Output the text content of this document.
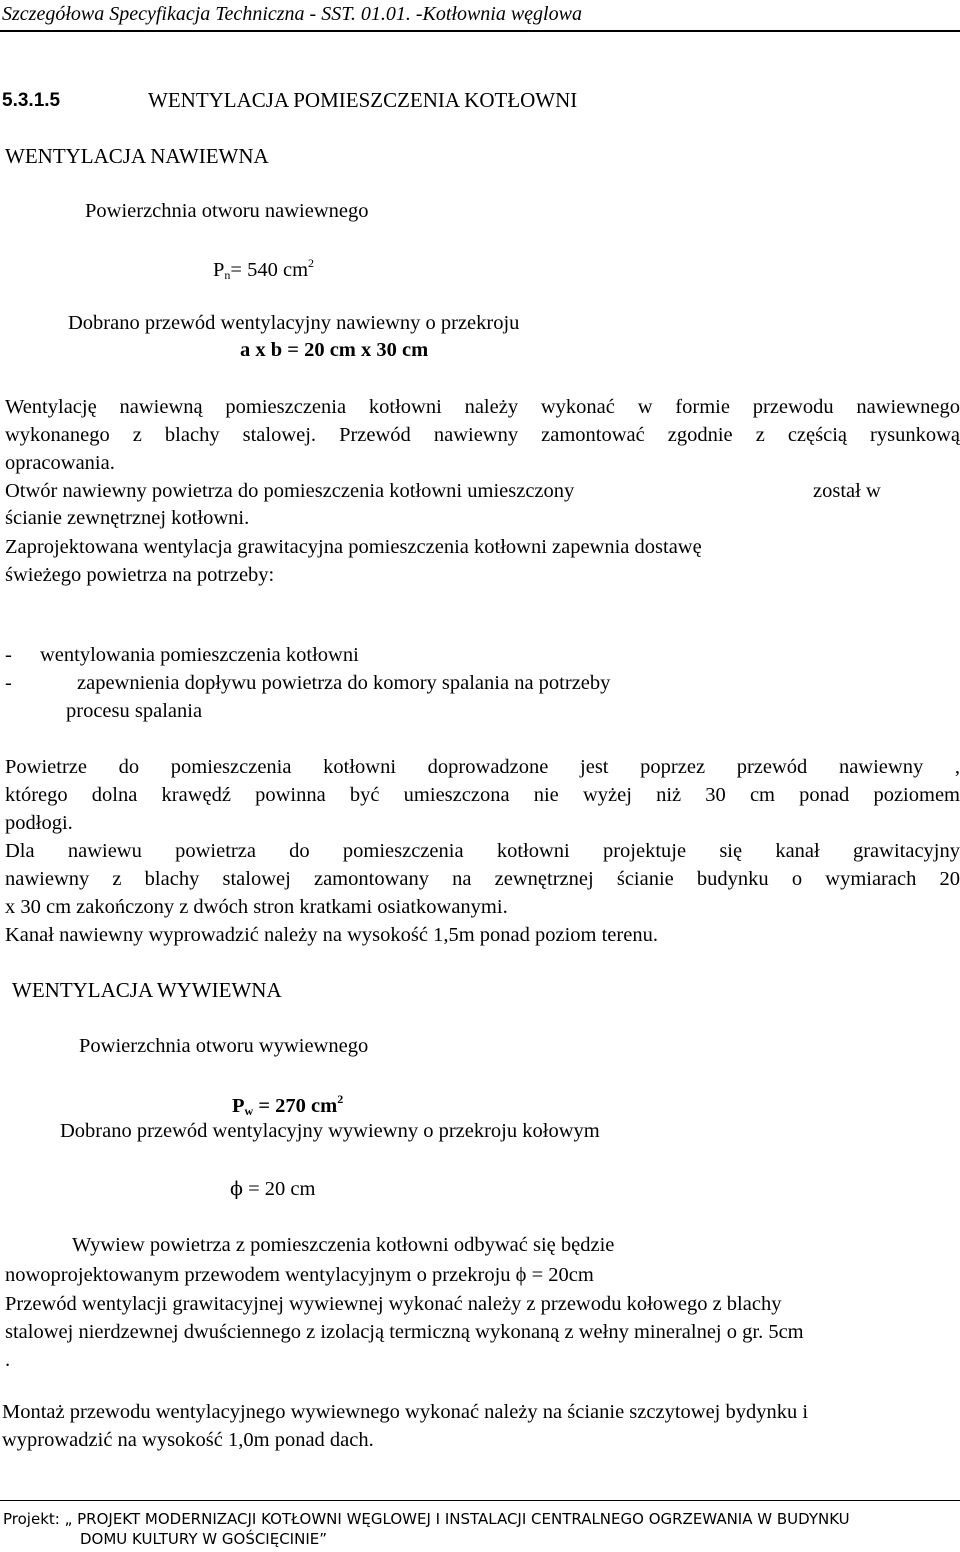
Szczegółowa Specyfikacja Techniczna - SST. 01.01. -Kotłownia węglowa
5.3.1.5	WENTYLACJA POMIESZCZENIA KOTŁOWNI
WENTYLACJA NAWIEWNA
Powierzchnia otworu nawiewnego
$P_n= 540$ $cm^2$
Dobrano przewód wentylacyjny nawiewny o przekroju
a x b = 20 cm x 30 cm
Wentylację nawiewną pomieszczenia kotłowni należy wykonać w formie przewodu nawiewnego
wykonanego z blachy stalowej. Przewód nawiewny zamontować zgodnie z częścią rysunkową
opracowania.
Otwór nawiewny powietrza do pomieszczenia kotłowni umieszczony	został w
ścianie zewnętrznej kotłowni.
Zaprojektowana wentylacja grawitacyjna pomieszczenia kotłowni zapewnia dostawę
świeżego powietrza na potrzeby:
- wentylowania pomieszczenia kotłowni
-	zapewnienia dopływu powietrza do komory spalania na potrzeby
procesu spalania
Powietrze do pomieszczenia kotłowni doprowadzone jest poprzez przewód nawiewny ,
którego dolna krawędź powinna być umieszczona nie wyżej niż 30 cm ponad poziomem
podłogi.
Dla nawiewu powietrza do pomieszczenia kotłowni projektuje się kanał grawitacyjny
nawiewny z blachy stalowej zamontowany na zewnętrznej ścianie budynku o wymiarach 20
x 30 cm zakończony z dwóch stron kratkami osiatkowanymi.
Kanał nawiewny wyprowadzić należy na wysokość 1,5m ponad poziom terenu.
WENTYLACJA WYWIEWNA
Powierzchnia otworu wywiewnego
$P_w = 270$ $cm^2$
Dobrano przewód wentylacyjny wywiewny o przekroju kołowym
ϕ = 20 cm
Wywiew powietrza z pomieszczenia kotłowni odbywać się będzie
nowoprojektowanym przewodem wentylacyjnym o przekroju ϕ = 20cm
Przewód wentylacji grawitacyjnej wywiewnej wykonać należy z przewodu kołowego z blachy
stalowej nierdzewnej dwuściennego z izolacją termiczną wykonaną z wełny mineralnej o gr. 5cm
.
Montaż przewodu wentylacyjnego wywiewnego wykonać należy na ścianie szczytowej bydynku i
wyprowadzić na wysokość 1,0m ponad dach.
Projekt: „ PROJEKT MODERNIZACJI KOTŁOWNI WĘGLOWEJ I INSTALACJI CENTRALNEGO OGRZEWANIA W BUDYNKU
DOMU KULTURY W GOŚCIĘCINIE”
